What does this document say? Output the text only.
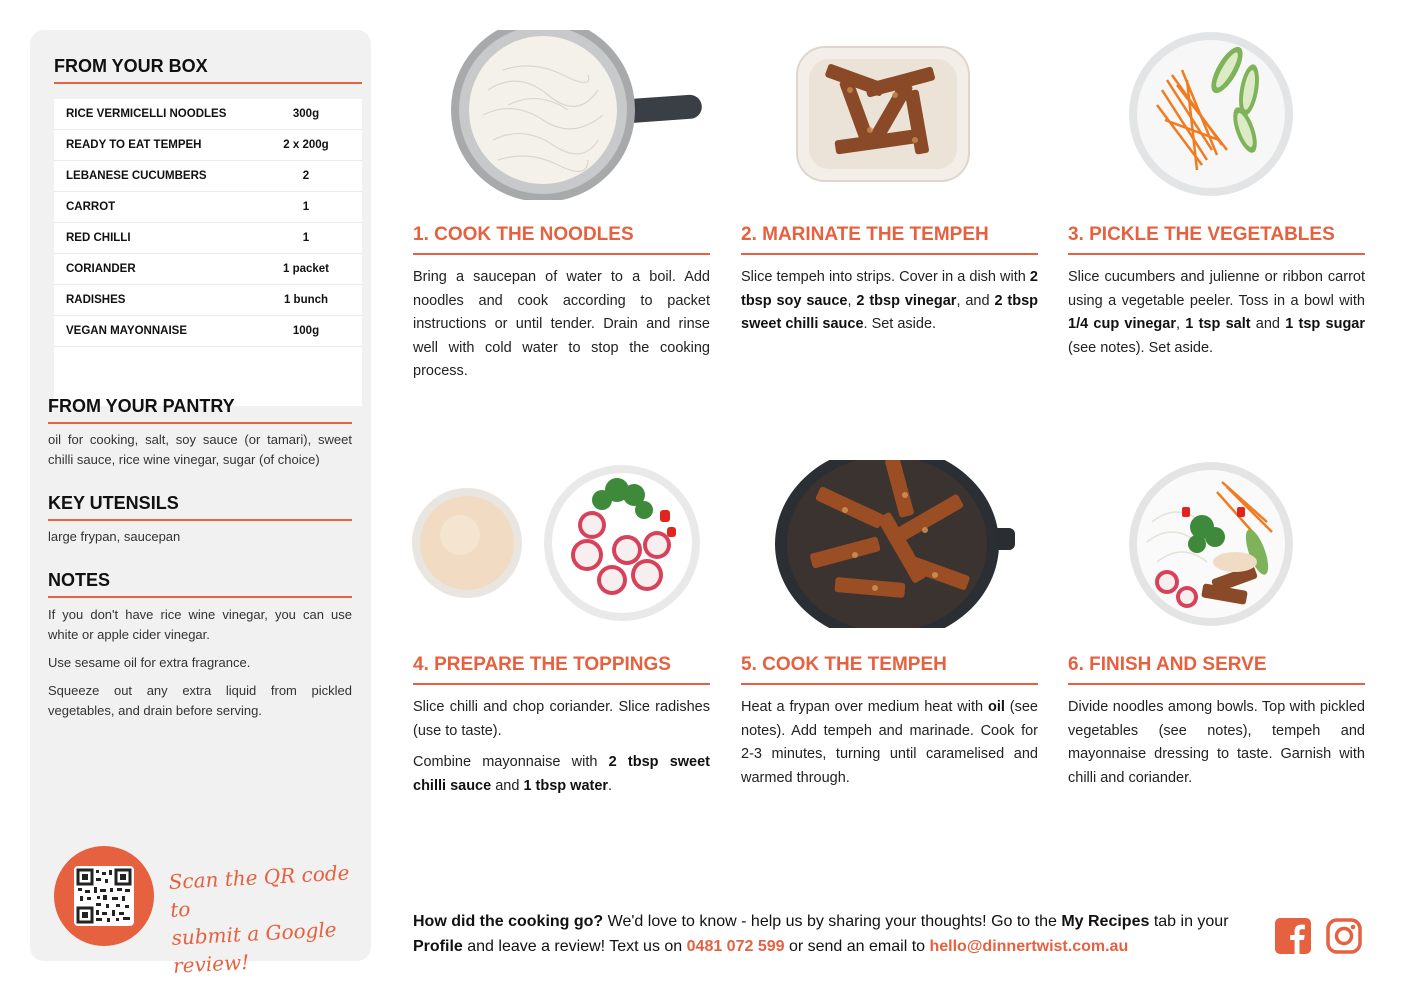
FROM YOUR BOX
RICE VERMICELLI NOODLES	300g
READY TO EAT TEMPEH	2 x 200g
LEBANESE CUCUMBERS	2
CARROT	1
RED CHILLI	1
CORIANDER	1 packet
RADISHES	1 bunch
VEGAN MAYONNAISE	100g
FROM YOUR PANTRY
oil for cooking, salt, soy sauce (or tamari), sweet chilli sauce, rice wine vinegar, sugar (of choice)
KEY UTENSILS
large frypan, saucepan
NOTES
If you don't have rice wine vinegar, you can use white or apple cider vinegar.
Use sesame oil for extra fragrance.
Squeeze out any extra liquid from pickled vegetables, and drain before serving.
Scan the QR code to
submit a Google review!
1. COOK THE NOODLES
Bring a saucepan of water to a boil. Add noodles and cook according to packet instructions or until tender. Drain and rinse well with cold water to stop the cooking process.
2. MARINATE THE TEMPEH
Slice tempeh into strips. Cover in a dish with 2 tbsp soy sauce, 2 tbsp vinegar, and 2 tbsp sweet chilli sauce. Set aside.
3. PICKLE THE VEGETABLES
Slice cucumbers and julienne or ribbon carrot using a vegetable peeler. Toss in a bowl with 1/4 cup vinegar, 1 tsp salt and 1 tsp sugar (see notes). Set aside.
4. PREPARE THE TOPPINGS

Slice chilli and chop coriander. Slice radishes (use to taste).

Combine mayonnaise with 2 tbsp sweet chilli sauce and 1 tbsp water.

5. COOK THE TEMPEH
Heat a frypan over medium heat with oil (see notes). Add tempeh and marinade. Cook for 2-3 minutes, turning until caramelised and warmed through.
6. FINISH AND SERVE
Divide noodles among bowls. Top with pickled vegetables (see notes), tempeh and mayonnaise dressing to taste. Garnish with chilli and coriander.
How did the cooking go? We'd love to know - help us by sharing your thoughts! Go to the My Recipes tab in your Profile and leave a review! Text us on 0481 072 599 or send an email to hello@dinnertwist.com.au
